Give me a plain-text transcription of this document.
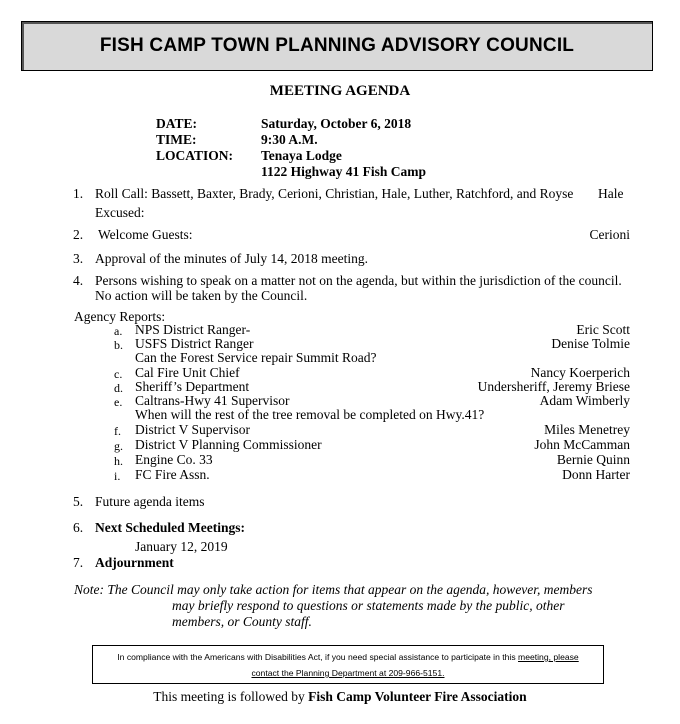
FISH CAMP TOWN PLANNING ADVISORY COUNCIL
MEETING AGENDA
DATE:	Saturday, October 6, 2018
TIME:	9:30 A.M.
LOCATION: Tenaya Lodge
1122 Highway 41 Fish Camp
1. Roll Call: Bassett, Baxter, Brady, Cerioni, Christian, Hale, Luther, Ratchford, and Royse Hale
Excused:
2. Welcome Guests:	Cerioni
3. Approval of the minutes of July 14, 2018 meeting.
4. Persons wishing to speak on a matter not on the agenda, but within the jurisdiction of the council.
No action will be taken by the Council.
Agency Reports:
a. NPS District Ranger-	Eric Scott
b. USFS District Ranger	Denise Tolmie
Can the Forest Service repair Summit Road?
c. Cal Fire Unit Chief	Nancy Koerperich
d. Sheriff’s Department	Undersheriff, Jeremy Briese
e. Caltrans-Hwy 41 Supervisor	Adam Wimberly
When will the rest of the tree removal be completed on Hwy.41?
f. District V Supervisor	Miles Menetrey
g. District V Planning Commissioner	John McCamman
h. Engine Co. 33	Bernie Quinn
i. FC Fire Assn.	Donn Harter
5. Future agenda items
6. Next Scheduled Meetings:
January 12, 2019
7. Adjournment
Note: The Council may only take action for items that appear on the agenda, however, members
may briefly respond to questions or statements made by the public, other
members, or County staff.
In compliance with the Americans with Disabilities Act, if you need special assistance to participate in this meeting, please
contact the Planning Department at 209-966-5151.
This meeting is followed by Fish Camp Volunteer Fire Association
